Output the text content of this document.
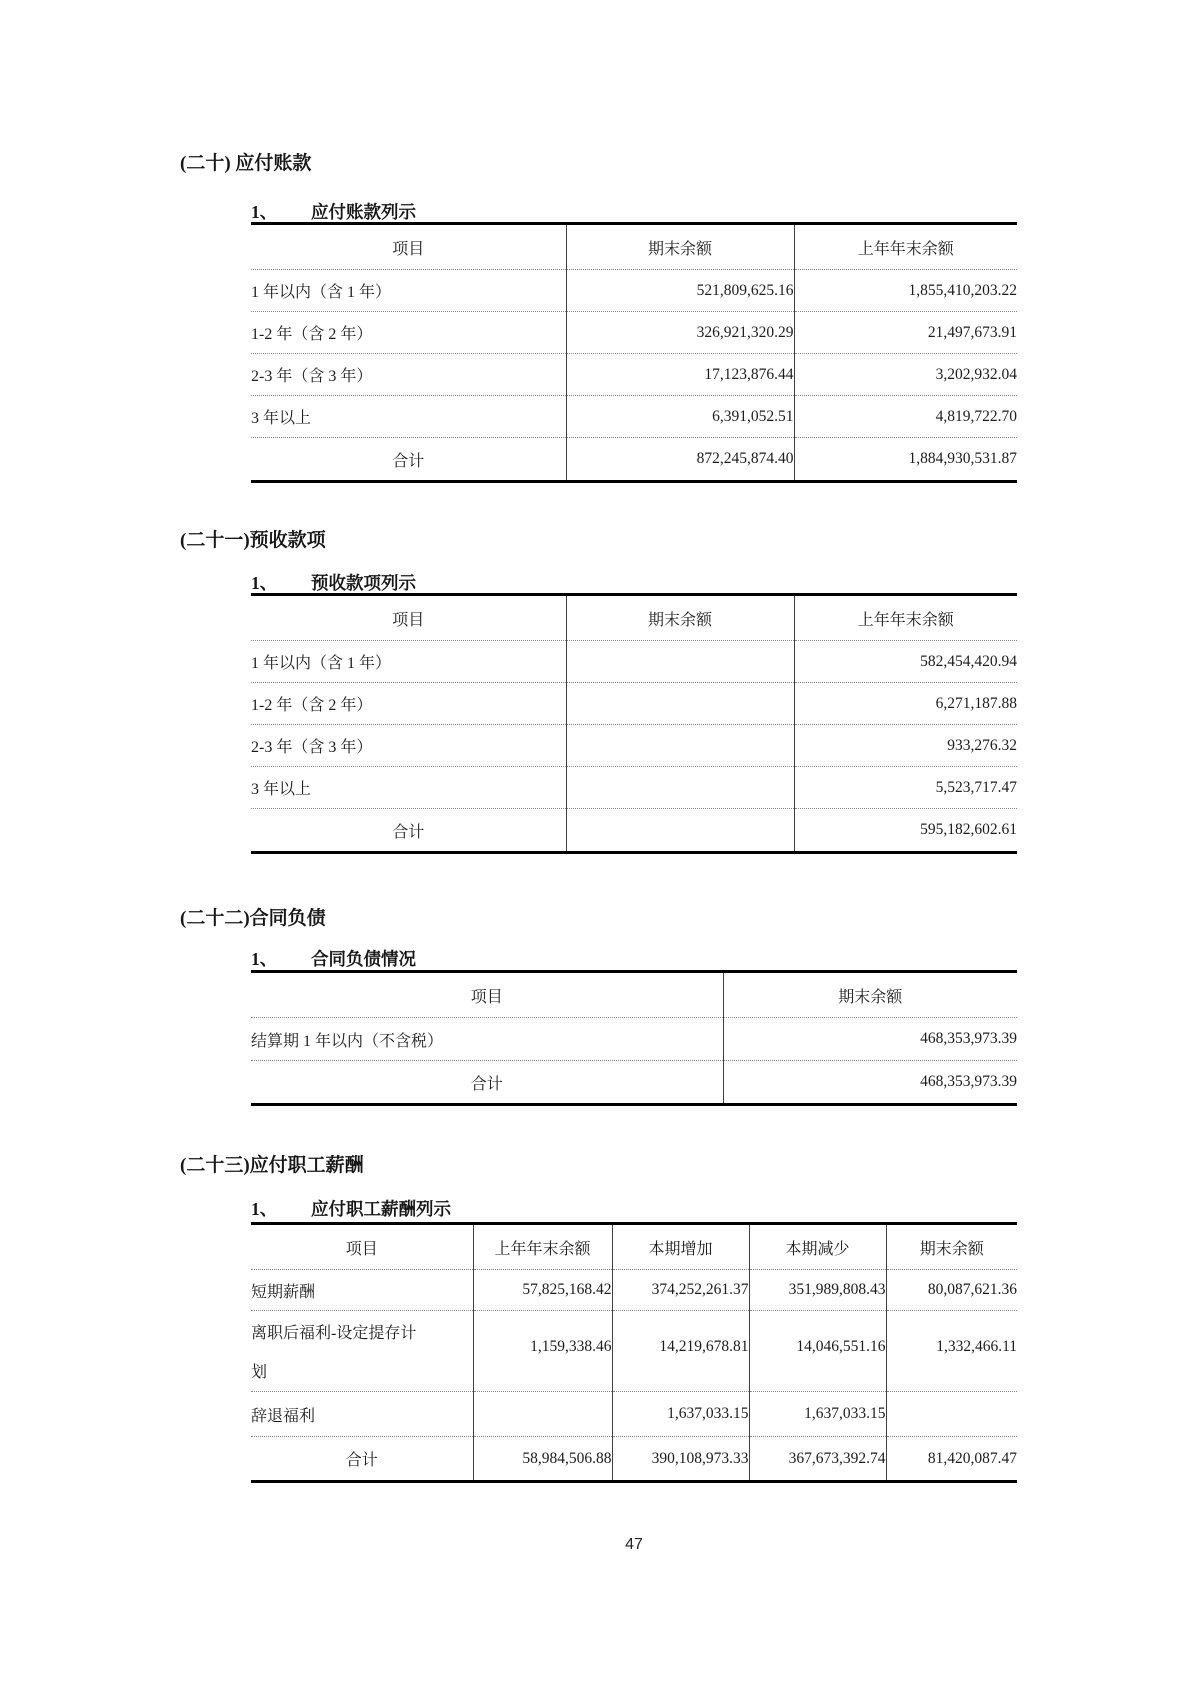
(二十) 应付账款
1、 应付账款列示
项目	期末余额	上年年末余额
1 年以内（含 1 年）	521,809,625.16	1,855,410,203.22
1-2 年（含 2 年）	326,921,320.29	21,497,673.91
2-3 年（含 3 年）	17,123,876.44	3,202,932.04
3 年以上	6,391,052.51	4,819,722.70
合计	872,245,874.40	1,884,930,531.87
(二十一)预收款项
1、 预收款项列示
项目	期末余额	上年年末余额
1 年以内（含 1 年）		582,454,420.94
1-2 年（含 2 年）		6,271,187.88
2-3 年（含 3 年）		933,276.32
3 年以上		5,523,717.47
合计		595,182,602.61
(二十二)合同负债
1、 合同负债情况
项目	期末余额
结算期 1 年以内（不含税）	468,353,973.39
合计	468,353,973.39
(二十三)应付职工薪酬
1、 应付职工薪酬列示
项目	上年年末余额	本期增加	本期减少	期末余额
短期薪酬	57,825,168.42	374,252,261.37	351,989,808.43	80,087,621.36

离职后福利-设定提存计
划	1,159,338.46	14,219,678.81	14,046,551.16	1,332,466.11

辞退福利		1,637,033.15	1,637,033.15	
合计	58,984,506.88	390,108,973.33	367,673,392.74	81,420,087.47
47
